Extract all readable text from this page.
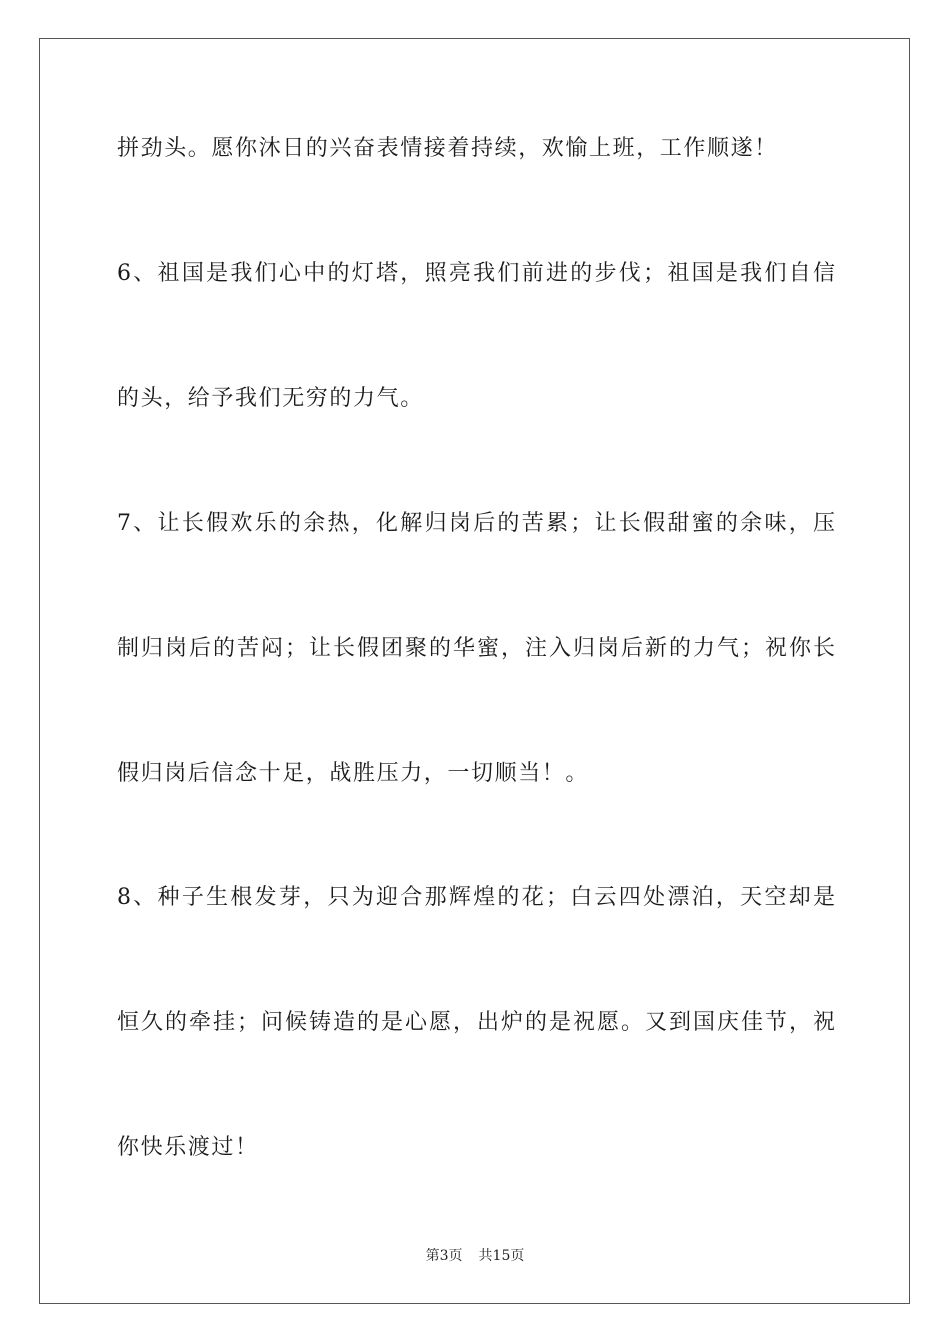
拼劲头。愿你沐日的兴奋表情接着持续，欢愉上班，工作顺遂！
6、祖国是我们心中的灯塔，照亮我们前进的步伐；祖国是我们自信
的头，给予我们无穷的力气。
7、让长假欢乐的余热，化解归岗后的苦累；让长假甜蜜的余味，压
制归岗后的苦闷；让长假团聚的华蜜，注入归岗后新的力气；祝你长
假归岗后信念十足，战胜压力，一切顺当！。
8、种子生根发芽，只为迎合那辉煌的花；白云四处漂泊，天空却是
恒久的牵挂；问候铸造的是心愿，出炉的是祝愿。又到国庆佳节，祝
你快乐渡过！
第3页 共15页
